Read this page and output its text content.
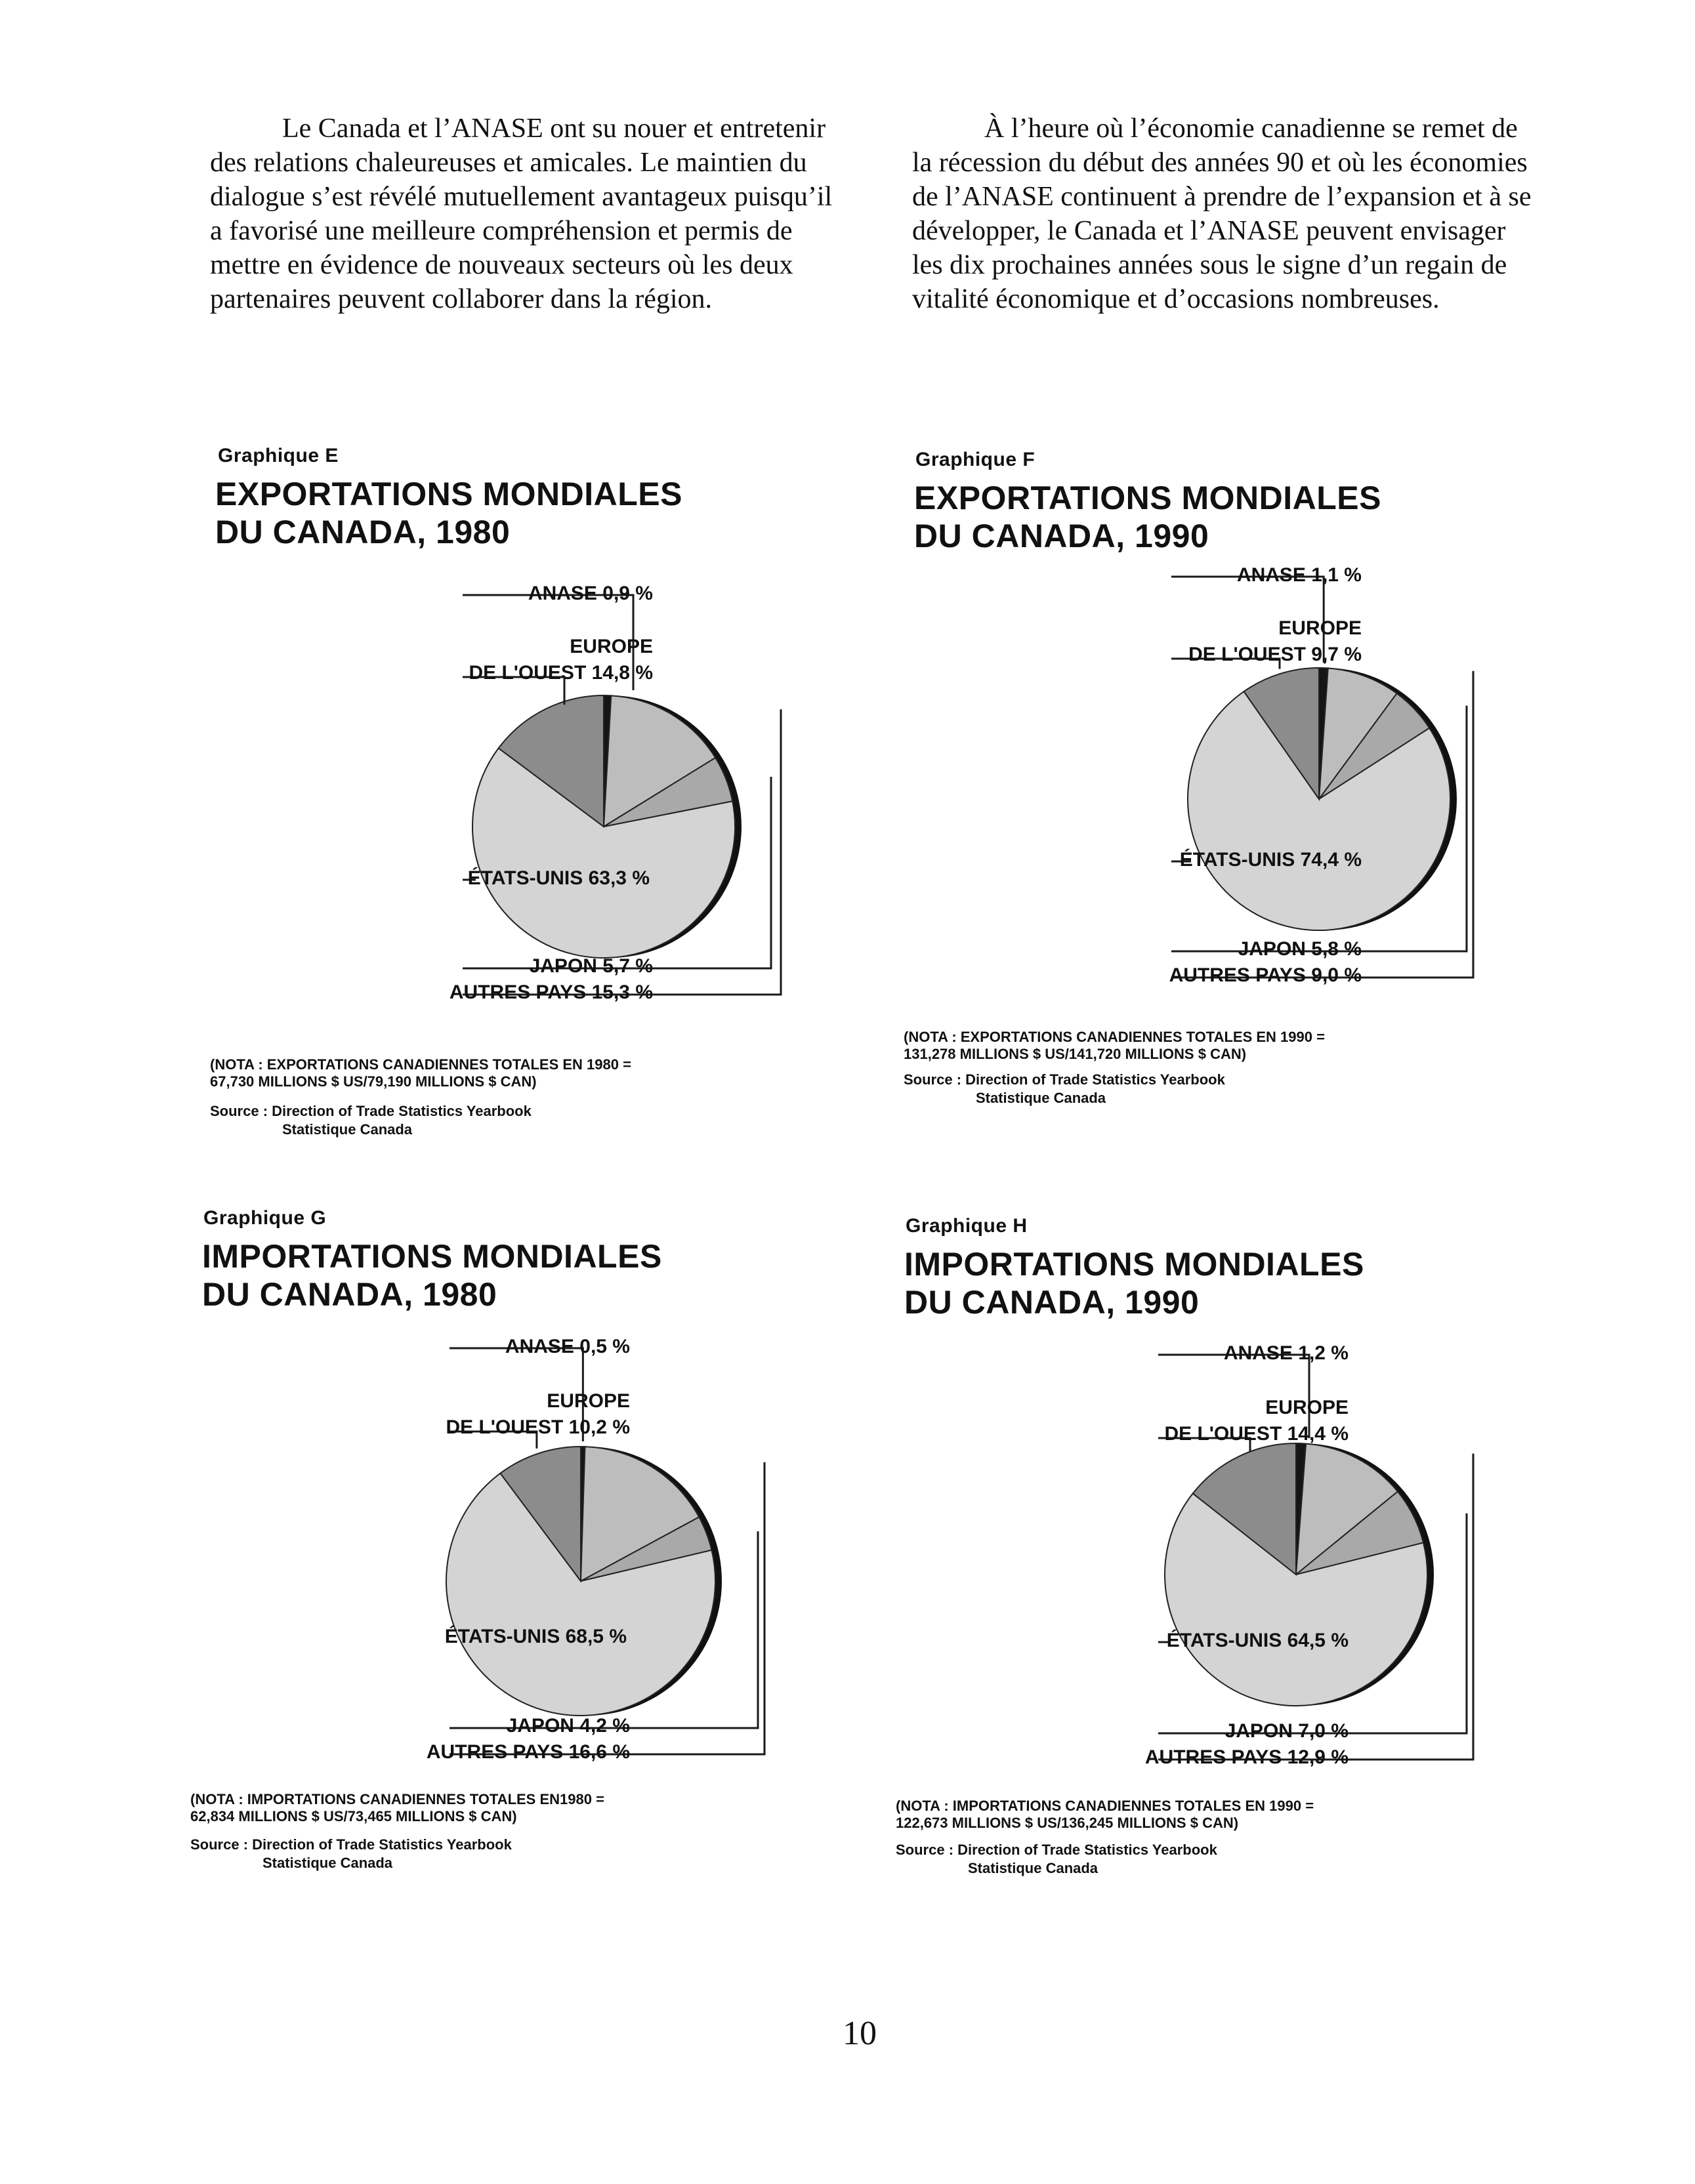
Le Canada et l’ANASE ont su nouer et entretenir des relations chaleureuses et amicales. Le maintien du dialogue s’est révélé mutuellement avantageux puisqu’il a favorisé une meilleure compréhension et permis de mettre en évidence de nouveaux secteurs où les deux partenaires peuvent collaborer dans la région.

À l’heure où l’économie canadienne se remet de la récession du début des années 90 et où les économies de l’ANASE continuent à prendre de l’expansion et à se développer, le Canada et l’ANASE peuvent envisager les dix prochaines années sous le signe d’un regain de vitalité économique et d’occasions nombreuses.

Graphique E
EXPORTATIONS MONDIALES
DU CANADA, 1980
ANASE 0,9 %
EUROPE
DE L'OUEST 14,8 %
ÉTATS-UNIS 63,3 %
JAPON 5,7 %
AUTRES PAYS 15,3 %
(NOTA : EXPORTATIONS CANADIENNES TOTALES EN 1980 =
67,730 MILLIONS $ US/79,190 MILLIONS $ CAN)
Source : Direction of Trade Statistics Yearbook
Statistique Canada
Graphique F
EXPORTATIONS MONDIALES
DU CANADA, 1990
ANASE 1,1 %
EUROPE
DE L'OUEST 9,7 %
ÉTATS-UNIS 74,4 %
JAPON 5,8 %
AUTRES PAYS 9,0 %
(NOTA : EXPORTATIONS CANADIENNES TOTALES EN 1990 =
131,278 MILLIONS $ US/141,720 MILLIONS $ CAN)
Source : Direction of Trade Statistics Yearbook
Statistique Canada
Graphique G
IMPORTATIONS MONDIALES
DU CANADA, 1980
ANASE 0,5 %
EUROPE
DE L'OUEST 10,2 %
ÉTATS-UNIS 68,5 %
JAPON 4,2 %
AUTRES PAYS 16,6 %
(NOTA : IMPORTATIONS CANADIENNES TOTALES EN1980 =
62,834 MILLIONS $ US/73,465 MILLIONS $ CAN)
Source : Direction of Trade Statistics Yearbook
Statistique Canada
Graphique H
IMPORTATIONS MONDIALES
DU CANADA, 1990
ANASE 1,2 %
EUROPE
DE L'OUEST 14,4 %
ÉTATS-UNIS 64,5 %
JAPON 7,0 %
AUTRES PAYS 12,9 %
(NOTA : IMPORTATIONS CANADIENNES TOTALES EN 1990 =
122,673 MILLIONS $ US/136,245 MILLIONS $ CAN)
Source : Direction of Trade Statistics Yearbook
Statistique Canada
10
